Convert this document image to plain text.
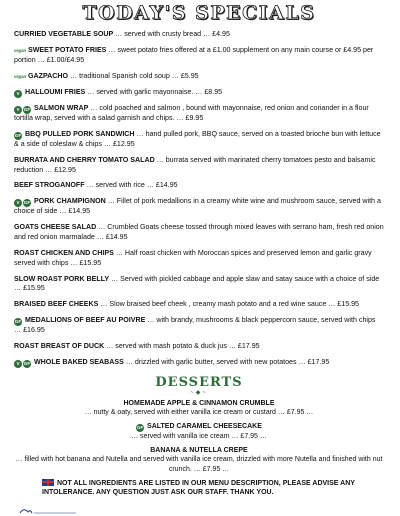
TODAY'S SPECIALS
CURRIED VEGETABLE SOUP … served with crusty bread … £4.95
vegan SWEET POTATO FRIES … sweet potato fries offered at a £1.00 supplement on any main course or £4.95 per portion … £1.00/£4.95
vegan GAZPACHO … traditional Spanish cold soup … £5.95
V HALLOUMI FRIES … served with garlic mayonnaise. … £8.95
V GF SALMON WRAP … cold poached and salmon , bound with mayonnaise, red onion and coriander in a flour tortilla wrap, served with a salad garnish and chips. … £9.95
GF BBQ PULLED PORK SANDWICH … hand pulled pork, BBQ sauce, served on a toasted brioche bun with lettuce & a side of coleslaw & chips … £12.95
BURRATA AND CHERRY TOMATO SALAD … burrata served with marinated cherry tomatoes pesto and balsamic reduction … £12.95
BEEF STROGANOFF … served with rice … £14.95
V GF PORK CHAMPIGNON … Fillet of pork medallions in a creamy white wine and mushroom sauce, served with a choice of side … £14.95
GOATS CHEESE SALAD … Crumbled Goats cheese tossed through mixed leaves with serrano ham, fresh red onion and red onion marmalade … £14.95
ROAST CHICKEN AND CHIPS … Half roast chicken with Moroccan spices and preserved lemon and garlic gravy served with chips … £15.95
SLOW ROAST PORK BELLY … Served with pickled cabbage and apple slaw and satay sauce with a choice of side … £15.95
BRAISED BEEF CHEEKS … Slow braised beef cheek , creamy mash potato and a red wine sauce … £15.95
GF MEDALLIONS OF BEEF AU POIVRE … with brandy, mushrooms & black peppercorn sauce, served with chips … £16.95
ROAST BREAST OF DUCK … served with mash potato & duck jus … £17.95
V GF WHOLE BAKED SEABASS … drizzled with garlic butter, served with new potatoes … £17.95
DESSERTS
~◆~
HOMEMADE APPLE & CINNAMON CRUMBLE
… nutty & oaty, served with either vanilla ice cream or custard … £7.95 …
GF SALTED CARAMEL CHEESECAKE
… served with vanilla ice cream … £7.95 …
BANANA & NUTELLA CREPE
… filled with hot banana and Nutella and served with vanilla ice cream, drizzled with more Nutella and finished with nut crunch. … £7.95 …
NOT ALL INGREDIENTS ARE LISTED IN OUR MENU DESCRIPTION, PLEASE ADVISE ANY INTOLERANCE. ANY QUESTION JUST ASK OUR STAFF. THANK YOU.
